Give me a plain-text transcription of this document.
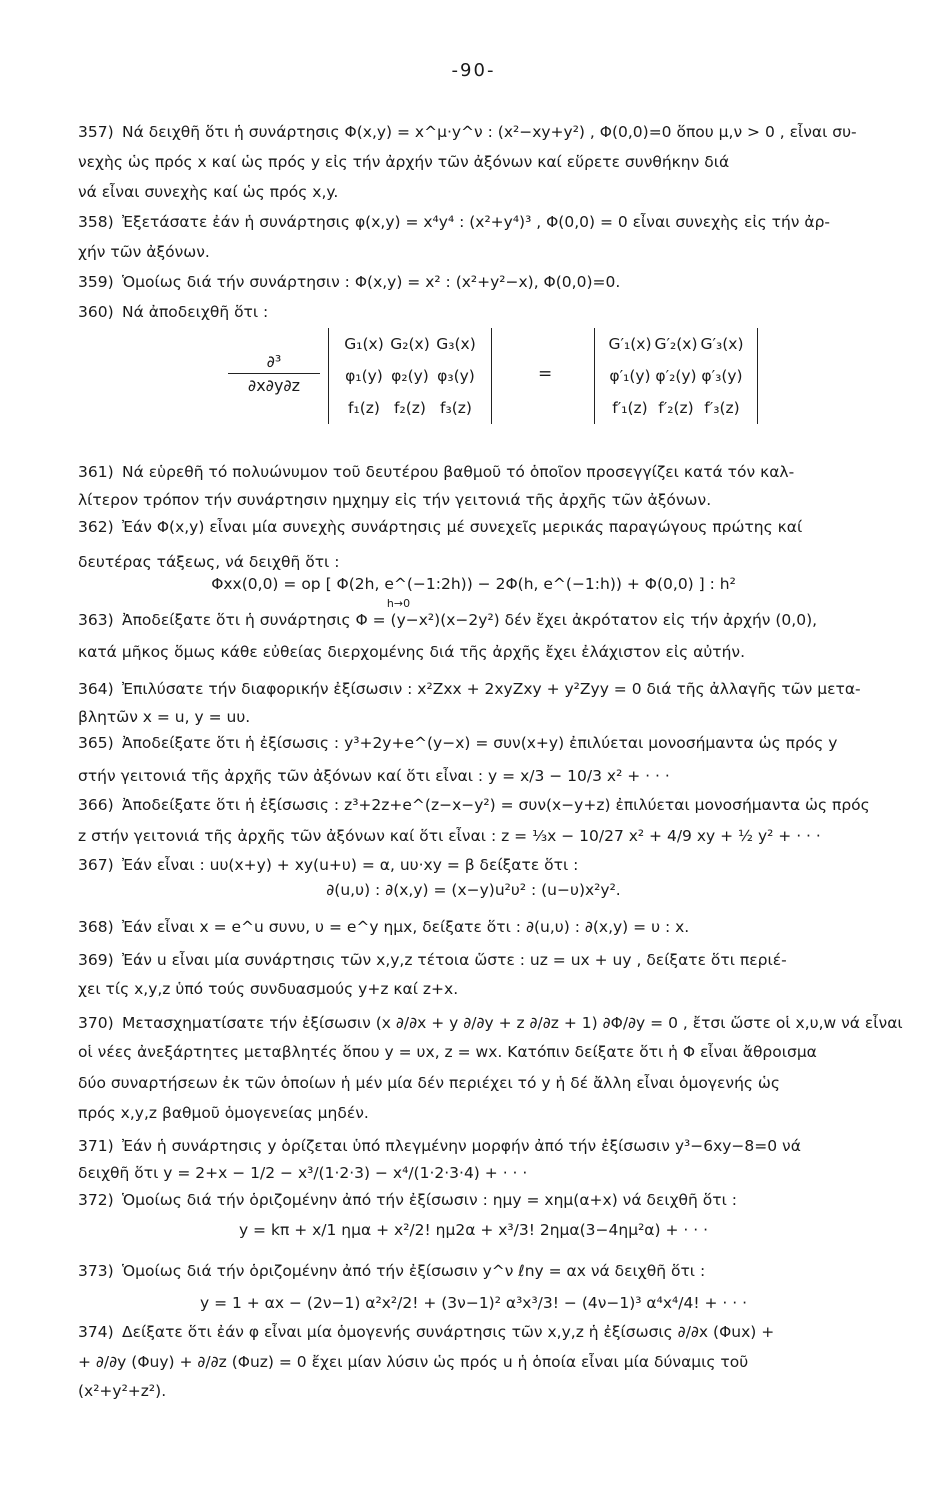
-90-
357) Νά δειχθῆ ὅτι ἡ συνάρτησις Φ(x,y) = x^μ·y^ν : (x²−xy+y²) , Φ(0,0)=0 ὅπου μ,ν > 0 , εἶναι συ-
νεχὴς ὡς πρός x καί ὡς πρός y εἰς τήν ἀρχήν τῶν ἀξόνων καί εὕρετε συνθήκην διά
νά εἶναι συνεχὴς καί ὡς πρός x,y.
358) Ἐξετάσατε ἐάν ἡ συνάρτησις φ(x,y) = x⁴y⁴ : (x²+y⁴)³ , Φ(0,0) = 0 εἶναι συνεχὴς εἰς τήν ἀρ-
χήν τῶν ἀξόνων.
359) Ὁμοίως διά τήν συνάρτησιν : Φ(x,y) = x² : (x²+y²−x), Φ(0,0)=0.
360) Νά ἀποδειχθῆ ὅτι :
361) Νά εὑρεθῆ τό πολυώνυμον τοῦ δευτέρου βαθμοῦ τό ὁποῖον προσεγγίζει κατά τόν καλ-
λίτερον τρόπον τήν συνάρτησιν ημχημy εἰς τήν γειτονιά τῆς ἀρχῆς τῶν ἀξόνων.
362) Ἐάν Φ(x,y) εἶναι μία συνεχὴς συνάρτησις μέ συνεχεῖς μερικάς παραγώγους πρώτης καί
δευτέρας τάξεως, νά δειχθῆ ὅτι :
Φxx(0,0) = op [ Φ(2h, e^(−1:2h)) − 2Φ(h, e^(−1:h)) + Φ(0,0) ] : h²
h→0
363) Ἀποδείξατε ὅτι ἡ συνάρτησις Φ = (y−x²)(x−2y²) δέν ἔχει ἀκρότατον εἰς τήν ἀρχήν (0,0),
κατά μῆκος ὅμως κάθε εὐθείας διερχομένης διά τῆς ἀρχῆς ἔχει ἐλάχιστον εἰς αὐτήν.
364) Ἐπιλύσατε τήν διαφορικήν ἐξίσωσιν : x²Zxx + 2xyZxy + y²Zyy = 0 διά τῆς ἀλλαγῆς τῶν μετα-
βλητῶν x = u, y = uυ.
365) Ἀποδείξατε ὅτι ἡ ἐξίσωσις : y³+2y+e^(y−x) = συν(x+y) ἐπιλύεται μονοσήμαντα ὡς πρός y
στήν γειτονιά τῆς ἀρχῆς τῶν ἀξόνων καί ὅτι εἶναι : y = x/3 − 10/3 x² + · · ·
366) Ἀποδείξατε ὅτι ἡ ἐξίσωσις : z³+2z+e^(z−x−y²) = συν(x−y+z) ἐπιλύεται μονοσήμαντα ὡς πρός
z στήν γειτονιά τῆς ἀρχῆς τῶν ἀξόνων καί ὅτι εἶναι : z = ⅓x − 10/27 x² + 4/9 xy + ½ y² + · · ·
367) Ἐάν εἶναι : uυ(x+y) + xy(u+υ) = α, uυ·xy = β δείξατε ὅτι :
∂(u,υ) : ∂(x,y) = (x−y)u²υ² : (u−υ)x²y².
368) Ἐάν εἶναι x = e^u συνυ, υ = e^y ημx, δείξατε ὅτι : ∂(u,υ) : ∂(x,y) = υ : x.
369) Ἐάν u εἶναι μία συνάρτησις τῶν x,y,z τέτοια ὥστε : uz = ux + uy , δείξατε ὅτι περιέ-
χει τίς x,y,z ὑπό τούς συνδυασμούς y+z καί z+x.
370) Μετασχηματίσατε τήν ἐξίσωσιν (x ∂/∂x + y ∂/∂y + z ∂/∂z + 1) ∂Φ/∂y = 0 , ἔτσι ὥστε οἱ x,υ,w νά εἶναι
οἱ νέες ἀνεξάρτητες μεταβλητές ὅπου y = υx, z = wx. Κατόπιν δείξατε ὅτι ἡ Φ εἶναι ἄθροισμα
δύο συναρτήσεων ἐκ τῶν ὁποίων ἡ μέν μία δέν περιέχει τό y ἡ δέ ἄλλη εἶναι ὁμογενής ὡς
πρός x,y,z βαθμοῦ ὁμογενείας μηδέν.
371) Ἐάν ἡ συνάρτησις y ὁρίζεται ὑπό πλεγμένην μορφήν ἀπό τήν ἐξίσωσιν y³−6xy−8=0 νά
δειχθῆ ὅτι y = 2+x − 1/2 − x³/(1·2·3) − x⁴/(1·2·3·4) + · · ·
372) Ὁμοίως διά τήν ὁριζομένην ἀπό τήν ἐξίσωσιν : ημy = xημ(α+x) νά δειχθῆ ὅτι :
y = kπ + x/1 ημα + x²/2! ημ2α + x³/3! 2ημα(3−4ημ²α) + · · ·
373) Ὁμοίως διά τήν ὁριζομένην ἀπό τήν ἐξίσωσιν y^ν ℓny = αx νά δειχθῆ ὅτι :
y = 1 + αx − (2ν−1) α²x²/2! + (3ν−1)² α³x³/3! − (4ν−1)³ α⁴x⁴/4! + · · ·
374) Δείξατε ὅτι ἐάν φ εἶναι μία ὁμογενής συνάρτησις τῶν x,y,z ἡ ἐξίσωσις ∂/∂x (Φux) +
+ ∂/∂y (Φuy) + ∂/∂z (Φuz) = 0 ἔχει μίαν λύσιν ὡς πρός u ἡ ὁποία εἶναι μία δύναμις τοῦ
(x²+y²+z²).
∂³
∂x∂y∂z
G₁(x) G₂(x) G₃(x)
φ₁(y) φ₂(y) φ₃(y)
f₁(z) f₂(z) f₃(z)
=
G′₁(x) G′₂(x) G′₃(x)
φ′₁(y) φ′₂(y) φ′₃(y)
f′₁(z) f′₂(z) f′₃(z)
